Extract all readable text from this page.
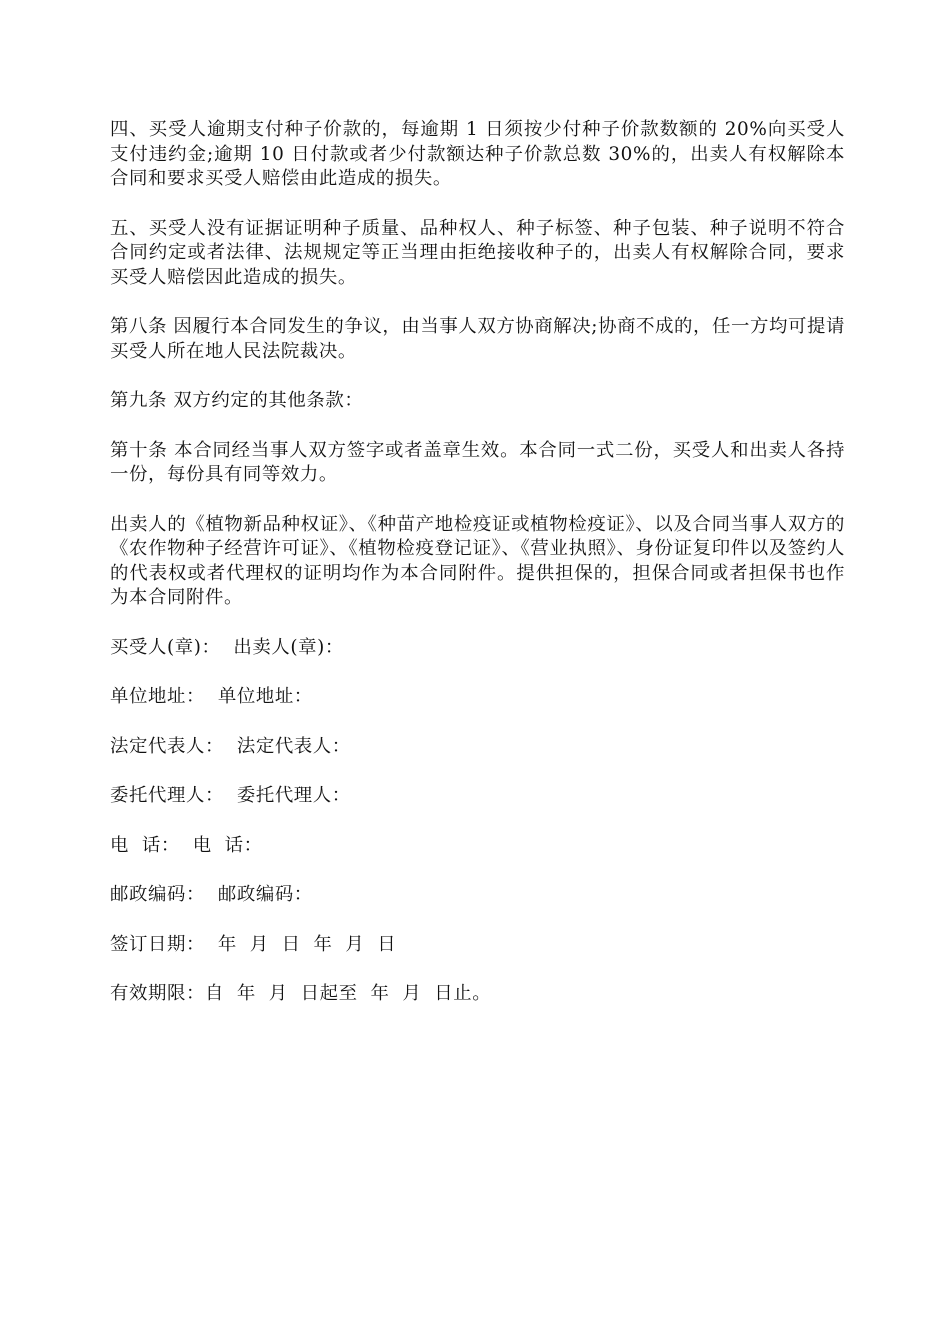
四、买受人逾期支付种子价款的，每逾期 1 日须按少付种子价款数额的 20%向买受人支付违约金;逾期 10 日付款或者少付款额达种子价款总数 30%的，出卖人有权解除本合同和要求买受人赔偿由此造成的损失。

五、买受人没有证据证明种子质量、品种权人、种子标签、种子包装、种子说明不符合合同约定或者法律、法规规定等正当理由拒绝接收种子的，出卖人有权解除合同，要求买受人赔偿因此造成的损失。

第八条 因履行本合同发生的争议，由当事人双方协商解决;协商不成的，任一方均可提请买受人所在地人民法院裁决。

第九条 双方约定的其他条款：

第十条 本合同经当事人双方签字或者盖章生效。本合同一式二份，买受人和出卖人各持一份，每份具有同等效力。

出卖人的《植物新品种权证》、《种苗产地检疫证或植物检疫证》、以及合同当事人双方的《农作物种子经营许可证》、《植物检疫登记证》、《营业执照》、身份证复印件以及签约人的代表权或者代理权的证明均作为本合同附件。提供担保的，担保合同或者担保书也作为本合同附件。

买受人(章)：  出卖人(章)：
单位地址：  单位地址：
法定代表人：  法定代表人：
委托代理人：  委托代理人：
电  话：  电  话：
邮政编码：  邮政编码：
签订日期：  年  月  日  年  月  日
有效期限：自  年  月  日起至  年  月  日止。
